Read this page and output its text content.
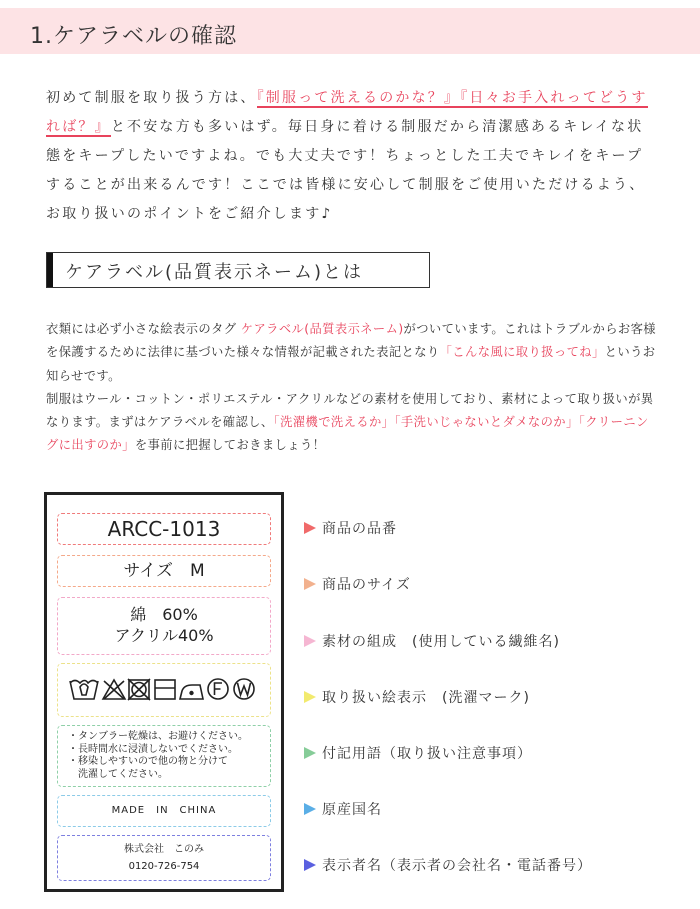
1.ケアラベルの確認
初めて制服を取り扱う方は、『制服って洗えるのかな？』『日々お手入れってどうすれば？』と不安な方も多いはず。毎日身に着ける制服だから清潔感あるキレイな状態をキープしたいですよね。でも大丈夫です！ちょっとした工夫でキレイをキープすることが出来るんです！ここでは皆様に安心して制服をご使用いただけるよう、お取り扱いのポイントをご紹介します♪
ケアラベル(品質表示ネーム)とは
衣類には必ず小さな絵表示のタグ ケアラベル(品質表示ネーム)がついています。これはトラブルからお客様を保護するために法律に基づいた様々な情報が記載された表記となり「こんな風に取り扱ってね」というお知らせです。
制服はウール・コットン・ポリエステル・アクリルなどの素材を使用しており、素材によって取り扱いが異なります。まずはケアラベルを確認し、「洗濯機で洗えるか」「手洗いじゃないとダメなのか」「クリーニングに出すのか」を事前に把握しておきましょう！
ARCC-1013
サイズ　M
綿　60%
アクリル40%
・タンブラー乾燥は、お避けください。
・長時間水に浸漬しないでください。
・移染しやすいので他の物と分けて
　洗濯してください。
MADE　IN　CHINA
株式会社　このみ
0120-726-754
商品の品番
商品のサイズ
素材の組成　(使用している繊維名)
取り扱い絵表示　(洗濯マーク)
付記用語（取り扱い注意事項）
原産国名
表示者名（表示者の会社名・電話番号）
